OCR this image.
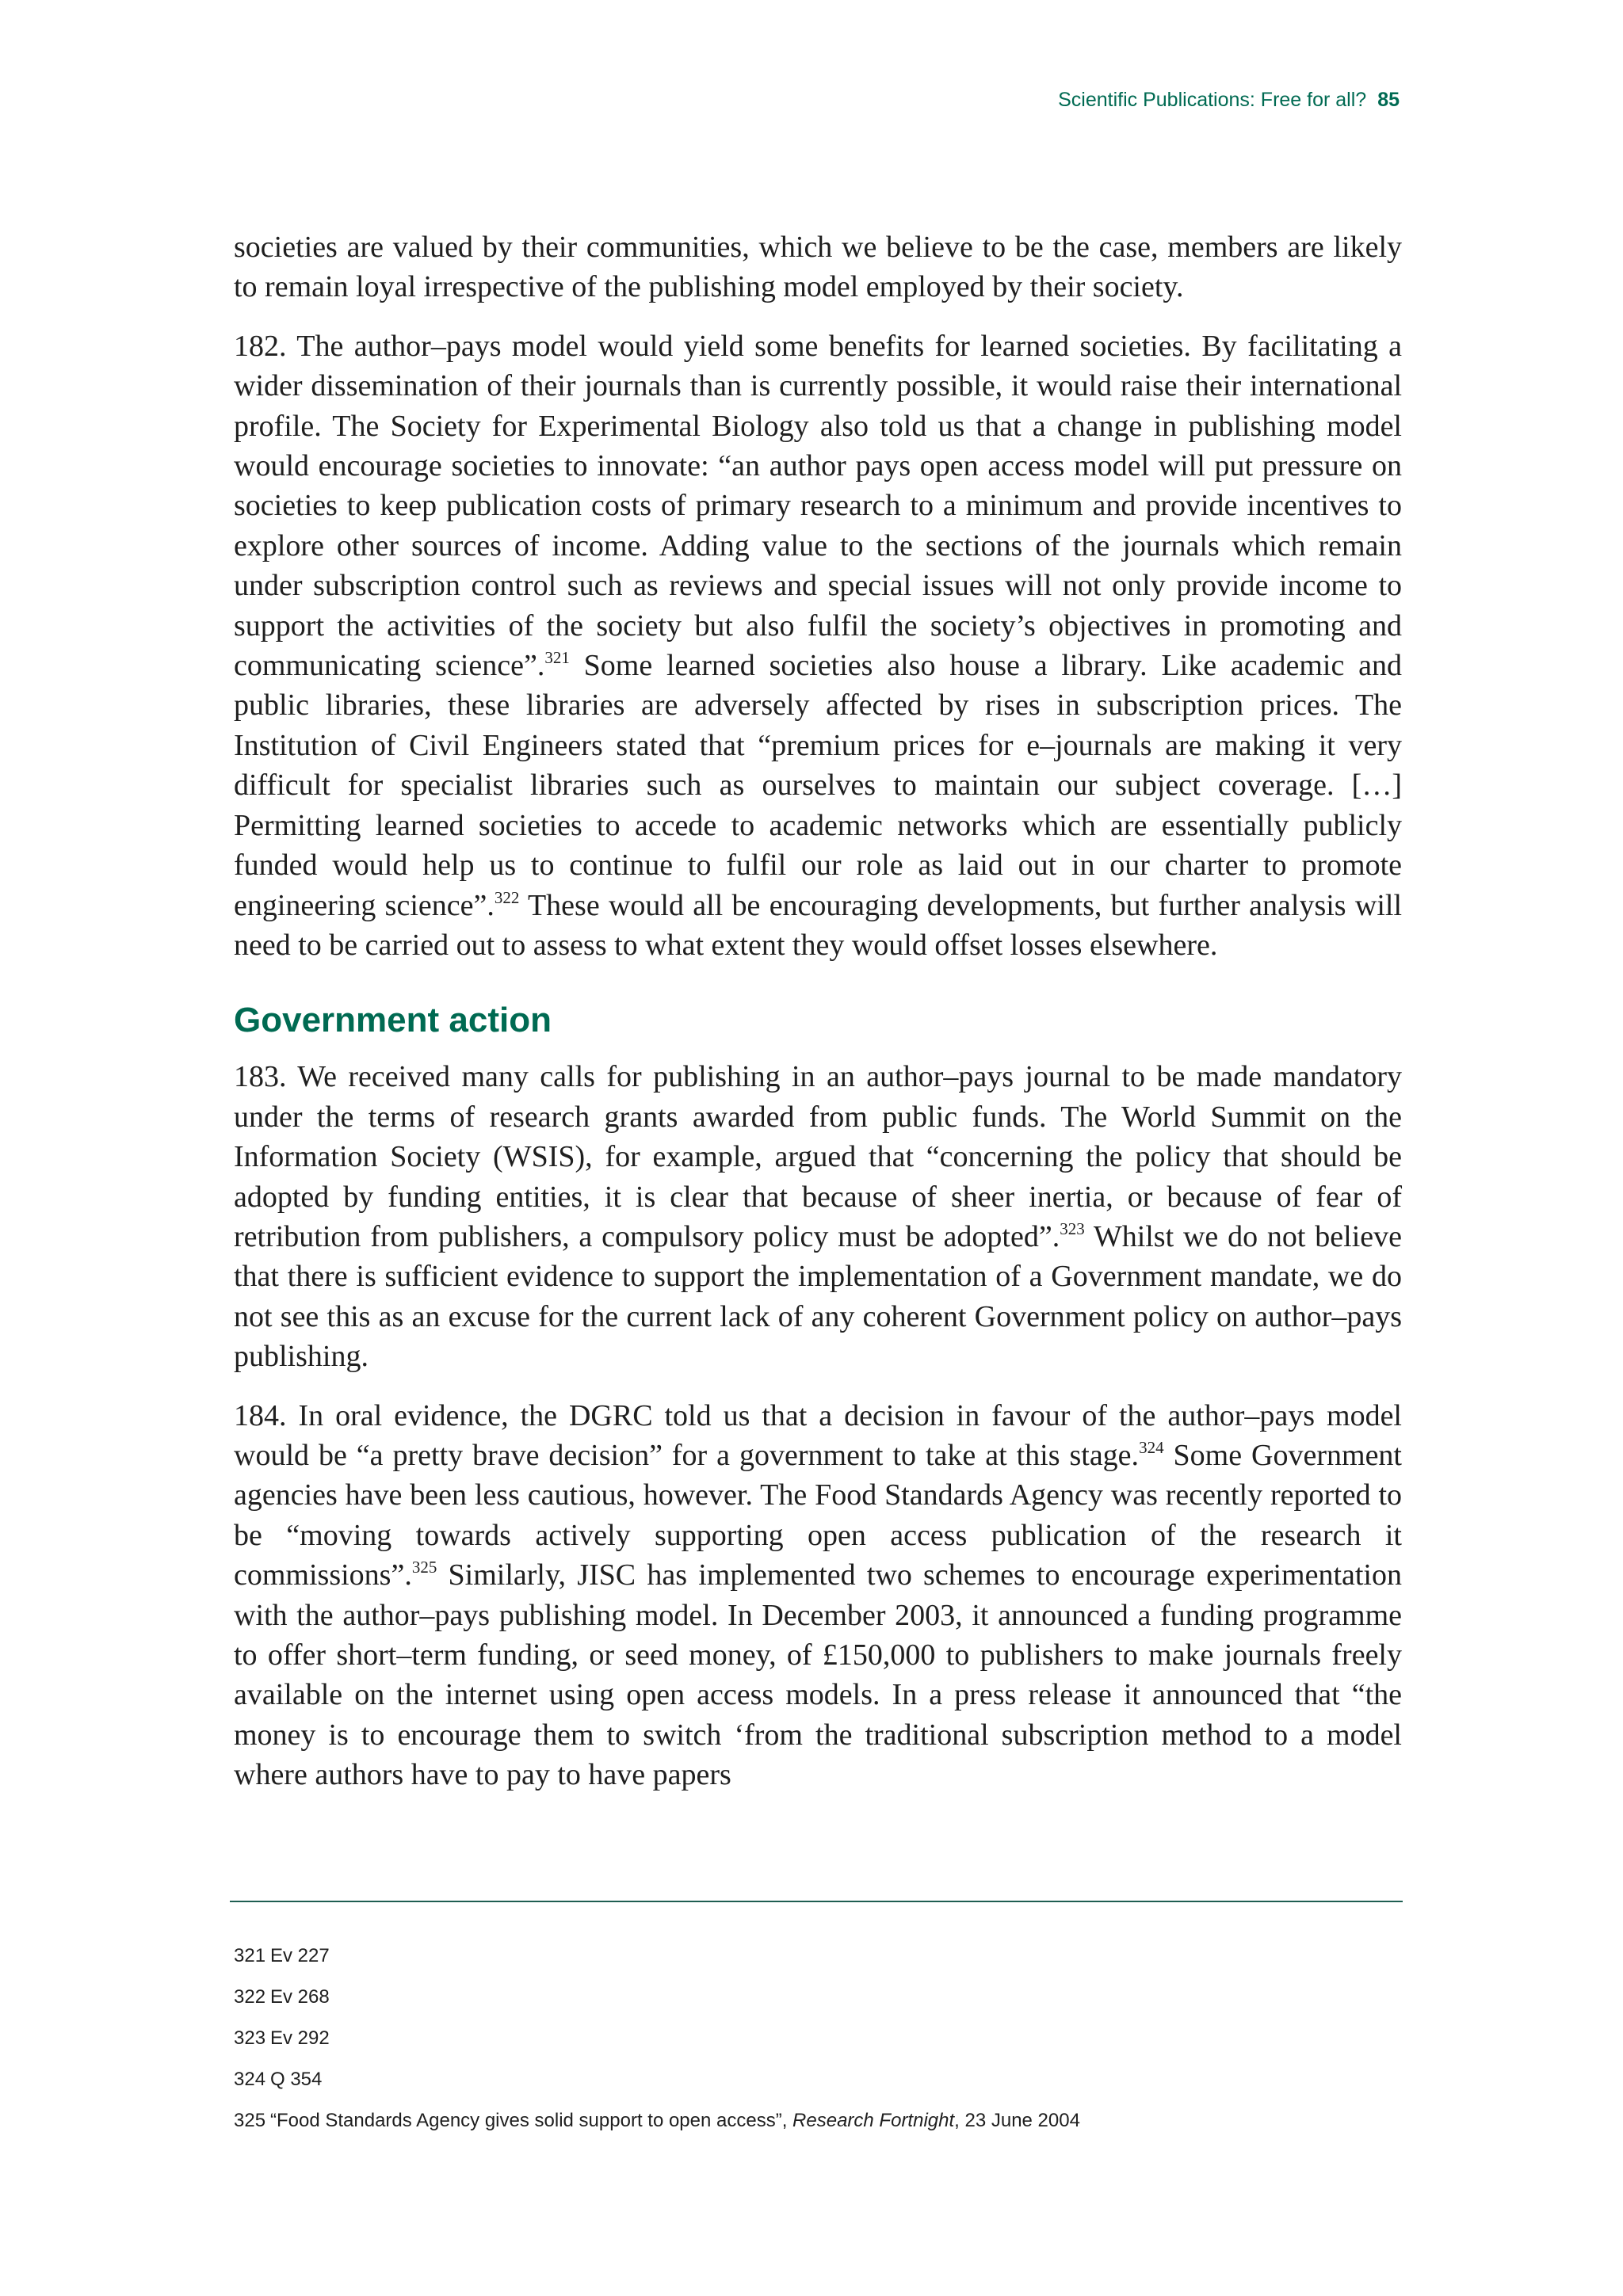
Scientific Publications: Free for all? 85

societies are valued by their communities, which we believe to be the case, members are likely to remain loyal irrespective of the publishing model employed by their society.

182. The author–pays model would yield some benefits for learned societies. By facilitating a wider dissemination of their journals than is currently possible, it would raise their international profile. The Society for Experimental Biology also told us that a change in publishing model would encourage societies to innovate: “an author pays open access model will put pressure on societies to keep publication costs of primary research to a minimum and provide incentives to explore other sources of income. Adding value to the sections of the journals which remain under subscription control such as reviews and special issues will not only provide income to support the activities of the society but also fulfil the society’s objectives in promoting and communicating science”.$^{321}$ Some learned societies also house a library. Like academic and public libraries, these libraries are adversely affected by rises in subscription prices. The Institution of Civil Engineers stated that “premium prices for e–journals are making it very difficult for specialist libraries such as ourselves to maintain our subject coverage. […] Permitting learned societies to accede to academic networks which are essentially publicly funded would help us to continue to fulfil our role as laid out in our charter to promote engineering science”.$^{322}$ These would all be encouraging developments, but further analysis will need to be carried out to assess to what extent they would offset losses elsewhere.

Government action

183. We received many calls for publishing in an author–pays journal to be made mandatory under the terms of research grants awarded from public funds. The World Summit on the Information Society (WSIS), for example, argued that “concerning the policy that should be adopted by funding entities, it is clear that because of sheer inertia, or because of fear of retribution from publishers, a compulsory policy must be adopted”.$^{323}$ Whilst we do not believe that there is sufficient evidence to support the implementation of a Government mandate, we do not see this as an excuse for the current lack of any coherent Government policy on author–pays publishing.

184. In oral evidence, the DGRC told us that a decision in favour of the author–pays model would be “a pretty brave decision” for a government to take at this stage.$^{324}$ Some Government agencies have been less cautious, however. The Food Standards Agency was recently reported to be “moving towards actively supporting open access publication of the research it commissions”.$^{325}$ Similarly, JISC has implemented two schemes to encourage experimentation with the author–pays publishing model. In December 2003, it announced a funding programme to offer short–term funding, or seed money, of £150,000 to publishers to make journals freely available on the internet using open access models. In a press release it announced that “the money is to encourage them to switch ‘from the traditional subscription method to a model where authors have to pay to have papers

321 Ev 227
322 Ev 268
323 Ev 292
324 Q 354
325 “Food Standards Agency gives solid support to open access”, Research Fortnight, 23 June 2004
